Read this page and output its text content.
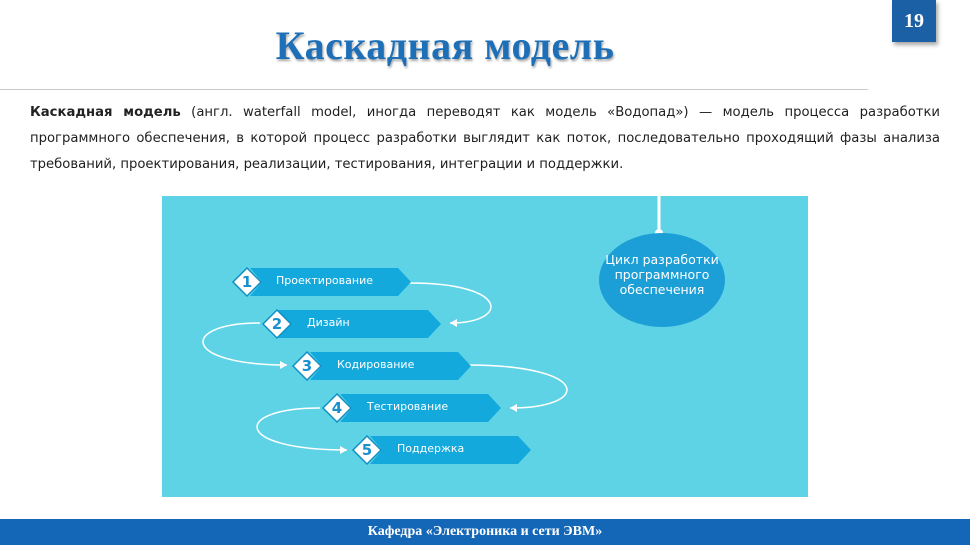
Каскадная модель
19
Каскадная модель (англ. waterfall model, иногда переводят как модель «Водопад») — модель процесса разработки программного обеспечения, в которой процесс разработки выглядит как поток, последовательно проходящий фазы анализа требований, проектирования, реализации, тестирования, интеграции и поддержки.
1	Проектирование
2	Дизайн
3	Кодирование
4	Тестирование
5	Поддержка
Цикл разработки программного обеспечения
Кафедра «Электроника и сети ЭВМ»
